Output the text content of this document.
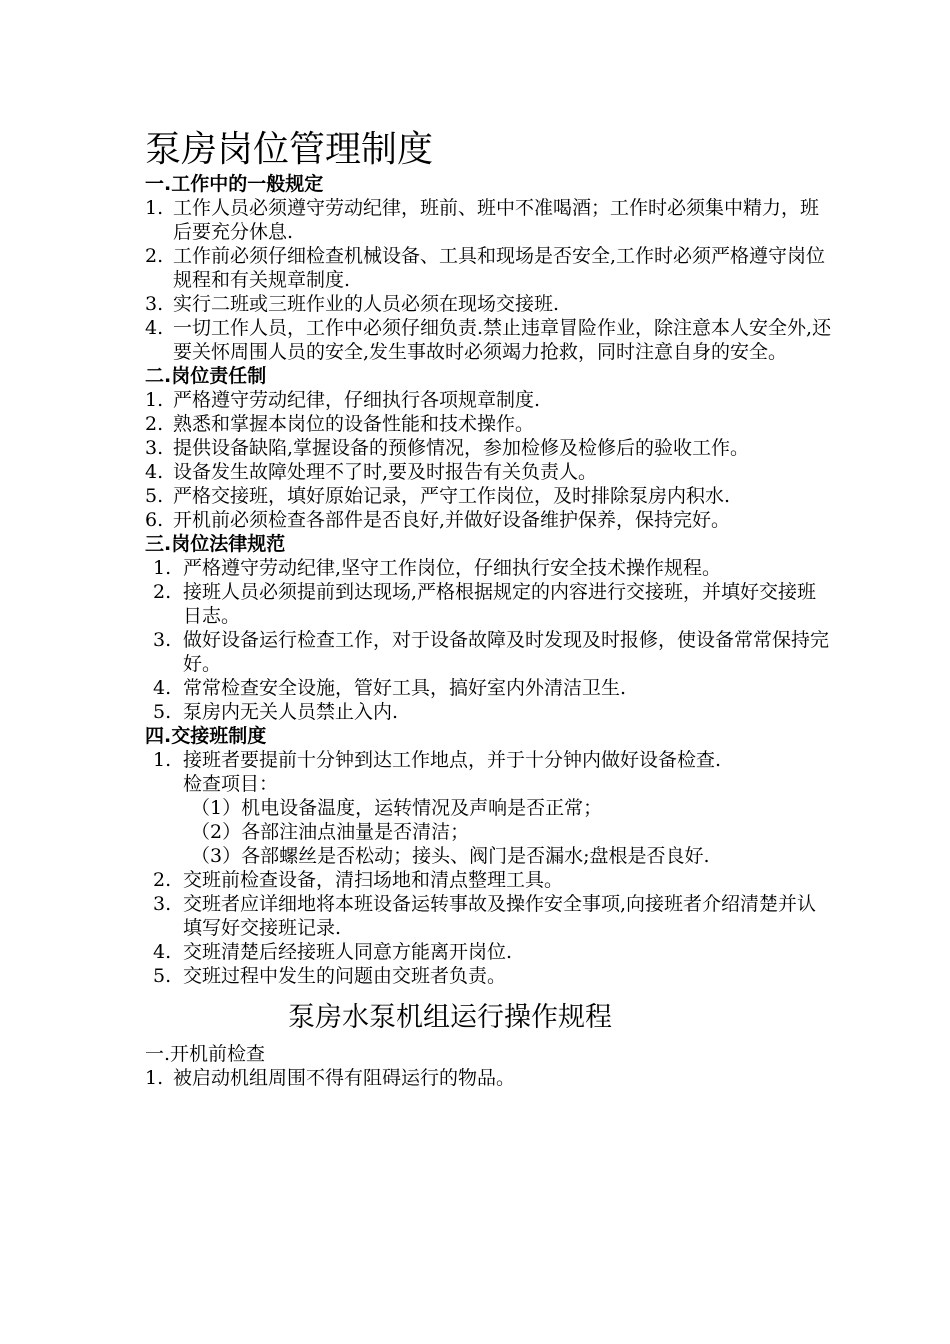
泵房岗位管理制度

一.工作中的一般规定

1. 工作人员必须遵守劳动纪律，班前、班中不准喝酒；工作时必须集中精力，班后要充分休息.
2. 工作前必须仔细检查机械设备、工具和现场是否安全,工作时必须严格遵守岗位规程和有关规章制度.
3. 实行二班或三班作业的人员必须在现场交接班.
4. 一切工作人员，工作中必须仔细负责.禁止违章冒险作业，除注意本人安全外,还要关怀周围人员的安全,发生事故时必须竭力抢救，同时注意自身的安全。

二.岗位责任制

1. 严格遵守劳动纪律，仔细执行各项规章制度.
2. 熟悉和掌握本岗位的设备性能和技术操作。
3. 提供设备缺陷,掌握设备的预修情况，参加检修及检修后的验收工作。
4. 设备发生故障处理不了时,要及时报告有关负责人。
5. 严格交接班，填好原始记录，严守工作岗位，及时排除泵房内积水.
6. 开机前必须检查各部件是否良好,并做好设备维护保养，保持完好。

三.岗位法律规范

1. 严格遵守劳动纪律,坚守工作岗位，仔细执行安全技术操作规程。
2. 接班人员必须提前到达现场,严格根据规定的内容进行交接班，并填好交接班日志。
3. 做好设备运行检查工作，对于设备故障及时发现及时报修，使设备常常保持完好。
4. 常常检查安全设施，管好工具，搞好室内外清洁卫生.
5. 泵房内无关人员禁止入内.

四.交接班制度

1. 接班者要提前十分钟到达工作地点，并于十分钟内做好设备检查.

检查项目：

（1）机电设备温度，运转情况及声响是否正常；

（2）各部注油点油量是否清洁；

（3）各部螺丝是否松动；接头、阀门是否漏水;盘根是否良好.

2. 交班前检查设备，清扫场地和清点整理工具。
3. 交班者应详细地将本班设备运转事故及操作安全事项,向接班者介绍清楚并认填写好交接班记录.
4. 交班清楚后经接班人同意方能离开岗位.
5. 交班过程中发生的问题由交班者负责。
泵房水泵机组运行操作规程

一.开机前检查

1. 被启动机组周围不得有阻碍运行的物品。
